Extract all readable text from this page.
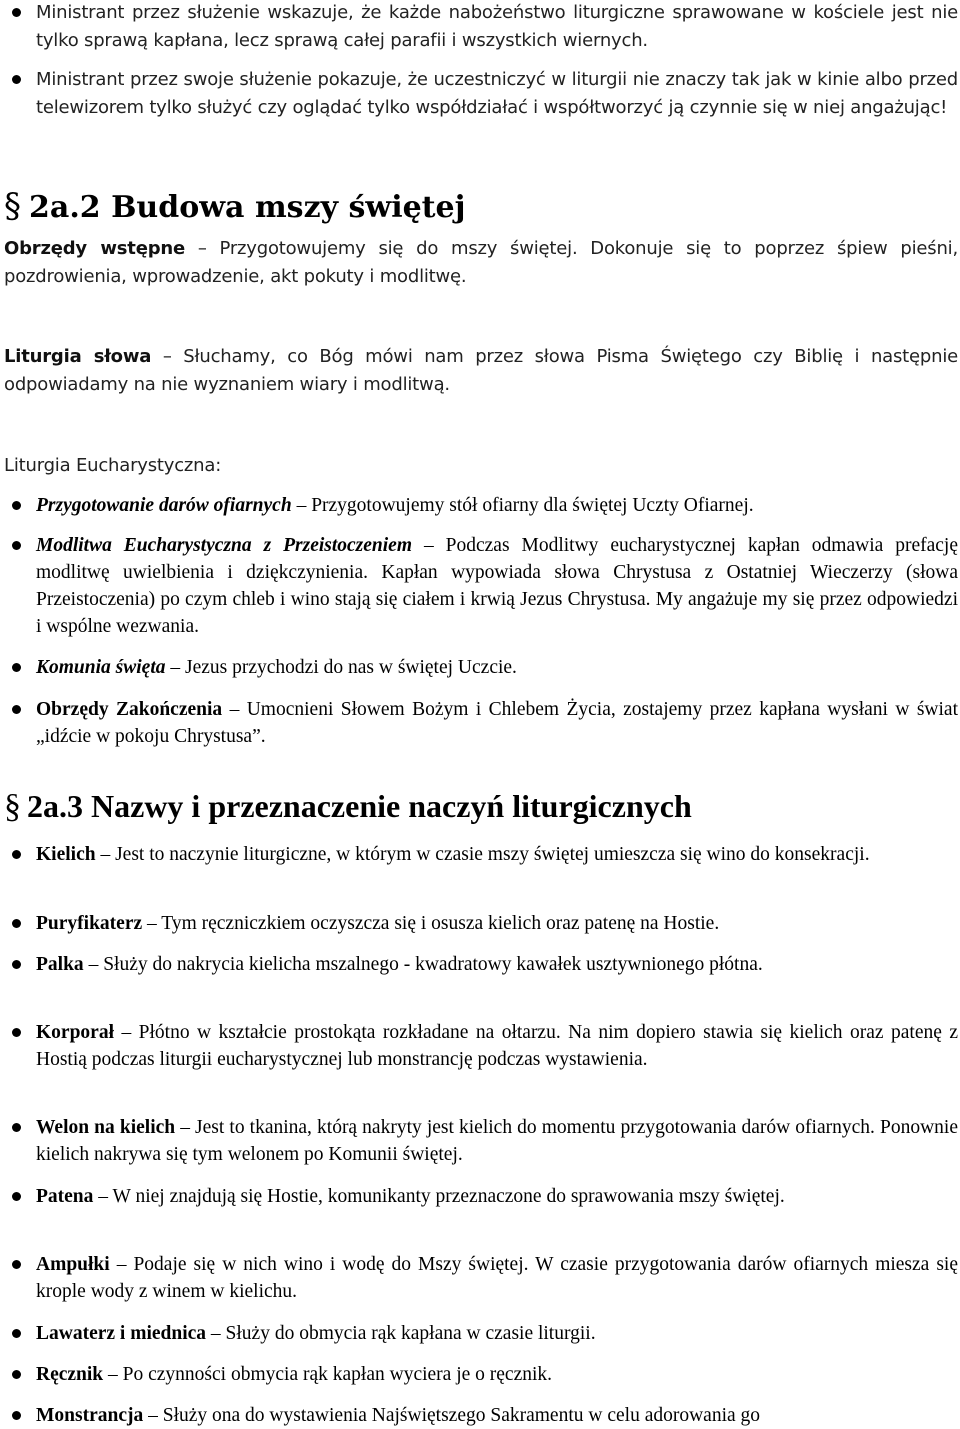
Ministrant przez służenie wskazuje, że każde nabożeństwo liturgiczne sprawowane w kościele jest nie tylko sprawą kapłana, lecz sprawą całej parafii i wszystkich wiernych.
Ministrant przez swoje służenie pokazuje, że uczestniczyć w liturgii nie znaczy tak jak w kinie albo przed telewizorem tylko służyć czy oglądać tylko współdziałać i współtworzyć ją czynnie się w niej angażując!
§ 2a.2 Budowa mszy świętej
Obrzędy wstępne – Przygotowujemy się do mszy świętej. Dokonuje się to poprzez śpiew pieśni, pozdrowienia, wprowadzenie, akt pokuty i modlitwę.
Liturgia słowa – Słuchamy, co Bóg mówi nam przez słowa Pisma Świętego czy Biblię i następnie odpowiadamy na nie wyznaniem wiary i modlitwą.
Liturgia Eucharystyczna:
Przygotowanie darów ofiarnych – Przygotowujemy stół ofiarny dla świętej Uczty Ofiarnej.
Modlitwa Eucharystyczna z Przeistoczeniem – Podczas Modlitwy eucharystycznej kapłan odmawia prefację modlitwę uwielbienia i dziękczynienia. Kapłan wypowiada słowa Chrystusa z Ostatniej Wieczerzy (słowa Przeistoczenia) po czym chleb i wino stają się ciałem i krwią Jezus Chrystusa. My angażuje my się przez odpowiedzi i wspólne wezwania.
Komunia święta – Jezus przychodzi do nas w świętej Uczcie.
Obrzędy Zakończenia – Umocnieni Słowem Bożym i Chlebem Życia, zostajemy przez kapłana wysłani w świat „idźcie w pokoju Chrystusa”.
§ 2a.3 Nazwy i przeznaczenie naczyń liturgicznych
Kielich – Jest to naczynie liturgiczne, w którym w czasie mszy świętej umieszcza się wino do konsekracji.
Puryfikaterz – Tym ręczniczkiem oczyszcza się i osusza kielich oraz patenę na Hostie.
Palka – Służy do nakrycia kielicha mszalnego - kwadratowy kawałek usztywnionego płótna.
Korporał – Płótno w kształcie prostokąta rozkładane na ołtarzu. Na nim dopiero stawia się kielich oraz patenę z Hostią podczas liturgii eucharystycznej lub monstrancję podczas wystawienia.
Welon na kielich – Jest to tkanina, którą nakryty jest kielich do momentu przygotowania darów ofiarnych. Ponownie kielich nakrywa się tym welonem po Komunii świętej.
Patena – W niej znajdują się Hostie, komunikanty przeznaczone do sprawowania mszy świętej.
Ampułki – Podaje się w nich wino i wodę do Mszy świętej. W czasie przygotowania darów ofiarnych miesza się krople wody z winem w kielichu.
Lawaterz i miednica – Służy do obmycia rąk kapłana w czasie liturgii.
Ręcznik – Po czynności obmycia rąk kapłan wyciera je o ręcznik.
Monstrancja – Służy ona do wystawienia Najświętszego Sakramentu w celu adorowania go
